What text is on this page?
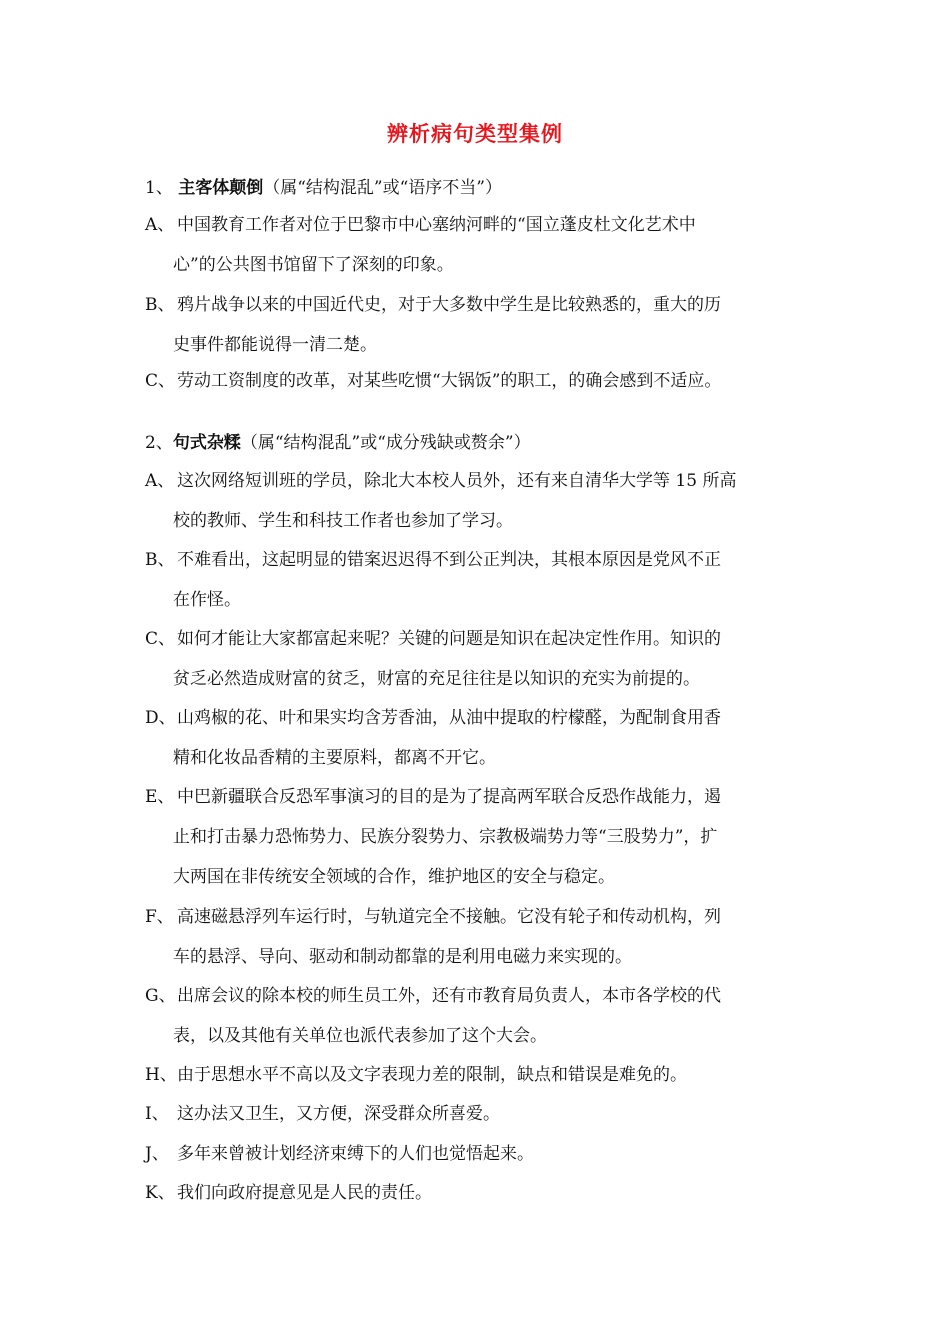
辨析病句类型集例
1、 主客体颠倒（属“结构混乱”或“语序不当”）
A、 中国教育工作者对位于巴黎市中心塞纳河畔的“国立蓬皮杜文化艺术中
心”的公共图书馆留下了深刻的印象。
B、 鸦片战争以来的中国近代史，对于大多数中学生是比较熟悉的，重大的历
史事件都能说得一清二楚。
C、 劳动工资制度的改革，对某些吃惯“大锅饭”的职工，的确会感到不适应。
2、句式杂糅（属“结构混乱”或“成分残缺或赘余”）
A、 这次网络短训班的学员，除北大本校人员外，还有来自清华大学等 15 所高
校的教师、学生和科技工作者也参加了学习。
B、 不难看出，这起明显的错案迟迟得不到公正判决，其根本原因是党风不正
在作怪。
C、 如何才能让大家都富起来呢？关键的问题是知识在起决定性作用。知识的
贫乏必然造成财富的贫乏，财富的充足往往是以知识的充实为前提的。
D、山鸡椒的花、叶和果实均含芳香油，从油中提取的柠檬醛，为配制食用香
精和化妆品香精的主要原料，都离不开它。
E、 中巴新疆联合反恐军事演习的目的是为了提高两军联合反恐作战能力，遏
止和打击暴力恐怖势力、民族分裂势力、宗教极端势力等“三股势力”，扩
大两国在非传统安全领域的合作，维护地区的安全与稳定。
F、 高速磁悬浮列车运行时，与轨道完全不接触。它没有轮子和传动机构，列
车的悬浮、导向、驱动和制动都靠的是利用电磁力来实现的。
G、出席会议的除本校的师生员工外，还有市教育局负责人，本市各学校的代
表，以及其他有关单位也派代表参加了这个大会。
H、由于思想水平不高以及文字表现力差的限制，缺点和错误是难免的。
I、 这办法又卫生，又方便，深受群众所喜爱。
J、 多年来曾被计划经济束缚下的人们也觉悟起来。
K、 我们向政府提意见是人民的责任。
